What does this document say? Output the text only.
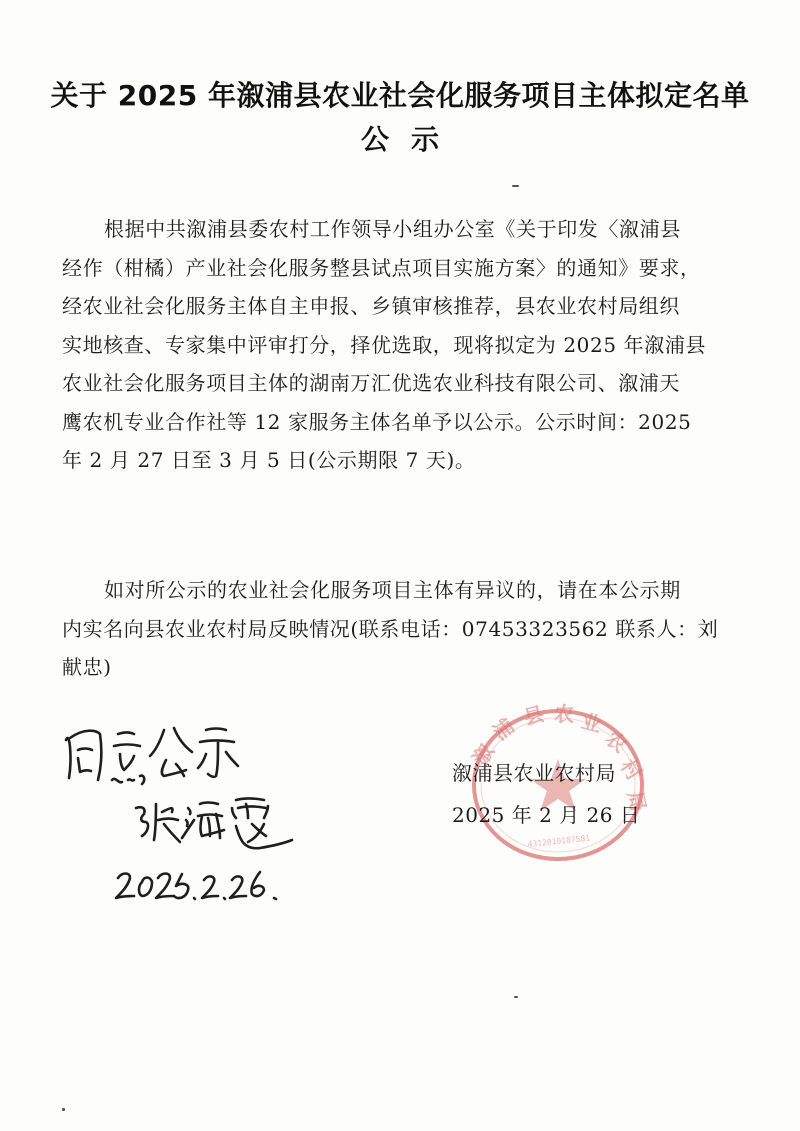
关于 2025 年溆浦县农业社会化服务项目主体拟定名单
公示
根据中共溆浦县委农村工作领导小组办公室《关于印发〈溆浦县
经作（柑橘）产业社会化服务整县试点项目实施方案〉的通知》要求，
经农业社会化服务主体自主申报、乡镇审核推荐，县农业农村局组织
实地核查、专家集中评审打分，择优选取，现将拟定为 2025 年溆浦县
农业社会化服务项目主体的湖南万汇优选农业科技有限公司、溆浦天
鹰农机专业合作社等 12 家服务主体名单予以公示。公示时间：2025
年 2 月 27 日至 3 月 5 日(公示期限 7 天)。
如对所公示的农业社会化服务项目主体有异议的，请在本公示期
内实名向县农业农村局反映情况(联系电话：07453323562 联系人：刘
献忠)
溆
浦 县 农 业
农
村
局
4312010107581
溆浦县农业农村局
2025 年 2 月 26 日
